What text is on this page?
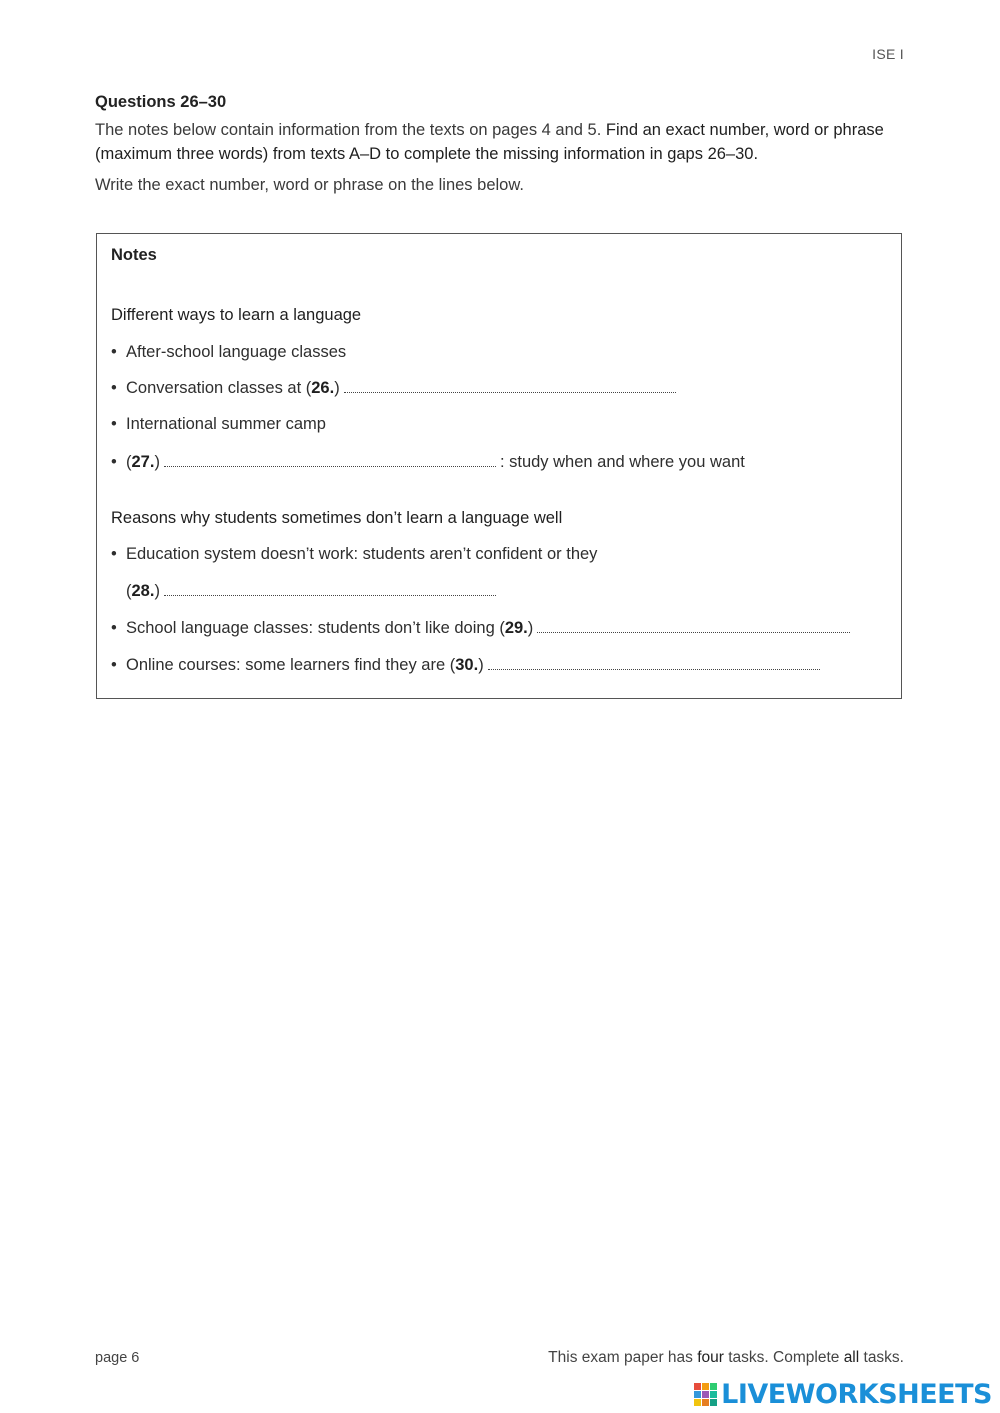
ISE I
Questions 26–30
The notes below contain information from the texts on pages 4 and 5. Find an exact number, word or phrase (maximum three words) from texts A–D to complete the missing information in gaps 26–30.
Write the exact number, word or phrase on the lines below.
Notes
Different ways to learn a language
• After-school language classes
• Conversation classes at ( 26. )
• International summer camp
• ( 27. )	: study when and where you want
Reasons why students sometimes don’t learn a language well
• Education system doesn’t work: students aren’t confident or they
( 28. )
• School language classes: students don’t like doing ( 29. )
• Online courses: some learners find they are ( 30. )
page 6	This exam paper has four tasks. Complete all tasks.
LIVEWORKSHEETS
